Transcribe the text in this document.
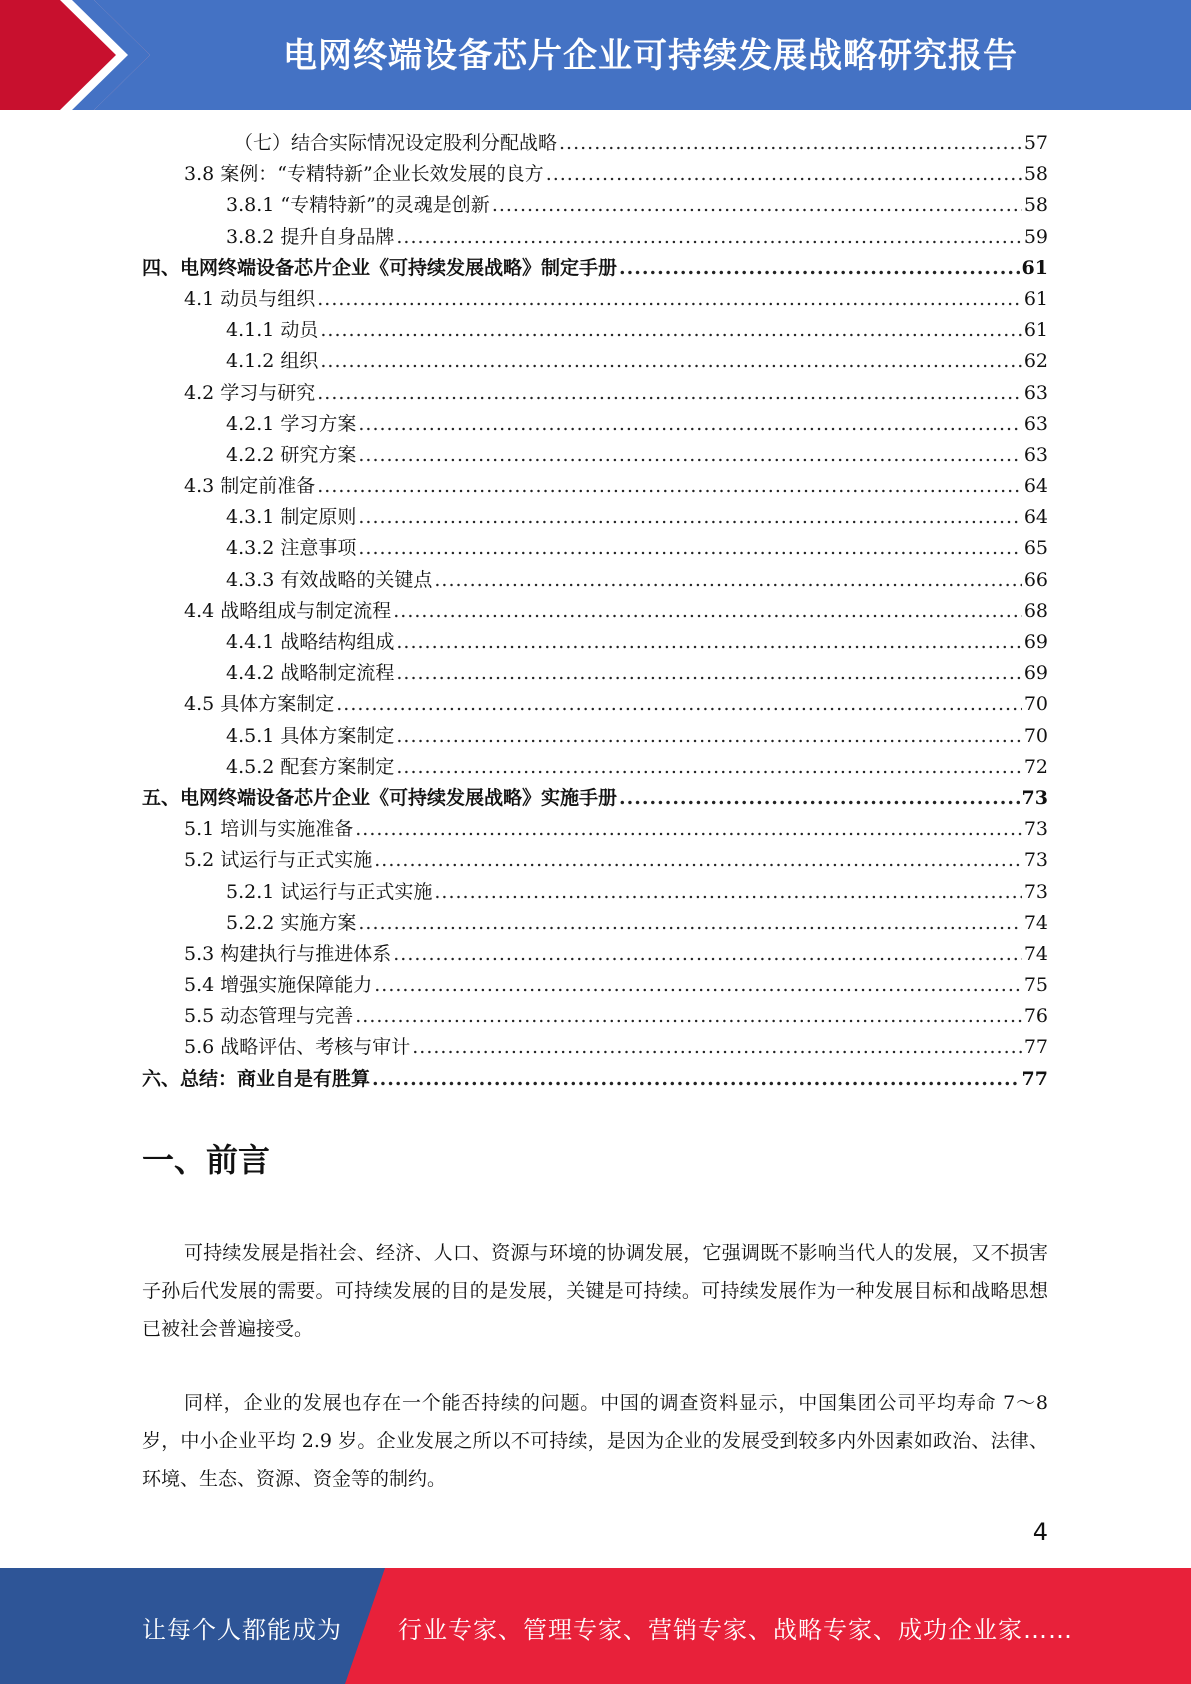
电网终端设备芯片企业可持续发展战略研究报告
（七）结合实际情况设定股利分配战略 .....	57
3.8 案例：“专精特新”企业长效发展的良方 .....	58
3.8.1 “专精特新”的灵魂是创新 .....	58
3.8.2 提升自身品牌 .....	59
四、电网终端设备芯片企业《可持续发展战略》制定手册 .....	61
4.1 动员与组织 .....	61
4.1.1 动员 .....	61
4.1.2 组织 .....	62
4.2 学习与研究 .....	63
4.2.1 学习方案 .....	63
4.2.2 研究方案 .....	63
4.3 制定前准备 .....	64
4.3.1 制定原则 .....	64
4.3.2 注意事项 .....	65
4.3.3 有效战略的关键点 .....	66
4.4 战略组成与制定流程 .....	68
4.4.1 战略结构组成 .....	69
4.4.2 战略制定流程 .....	69
4.5 具体方案制定 .....	70
4.5.1 具体方案制定 .....	70
4.5.2 配套方案制定 .....	72
五、电网终端设备芯片企业《可持续发展战略》实施手册 .....	73
5.1 培训与实施准备 .....	73
5.2 试运行与正式实施 .....	73
5.2.1 试运行与正式实施 .....	73
5.2.2 实施方案 .....	74
5.3 构建执行与推进体系 .....	74
5.4 增强实施保障能力 .....	75
5.5 动态管理与完善 .....	76
5.6 战略评估、考核与审计 .....	77
六、总结：商业自是有胜算 .....	77
一、前言

可持续发展是指社会、经济、人口、资源与环境的协调发展，它强调既不影响当代人的发展，又不损害子孙后代发展的需要。可持续发展的目的是发展，关键是可持续。可持续发展作为一种发展目标和战略思想已被社会普遍接受。

同样，企业的发展也存在一个能否持续的问题。中国的调查资料显示，中国集团公司平均寿命 7～8 岁，中小企业平均 2.9 岁。企业发展之所以不可持续，是因为企业的发展受到较多内外因素如政治、法律、环境、生态、资源、资金等的制约。

4
让每个人都能成为 行业专家、管理专家、营销专家、战略专家、成功企业家……
